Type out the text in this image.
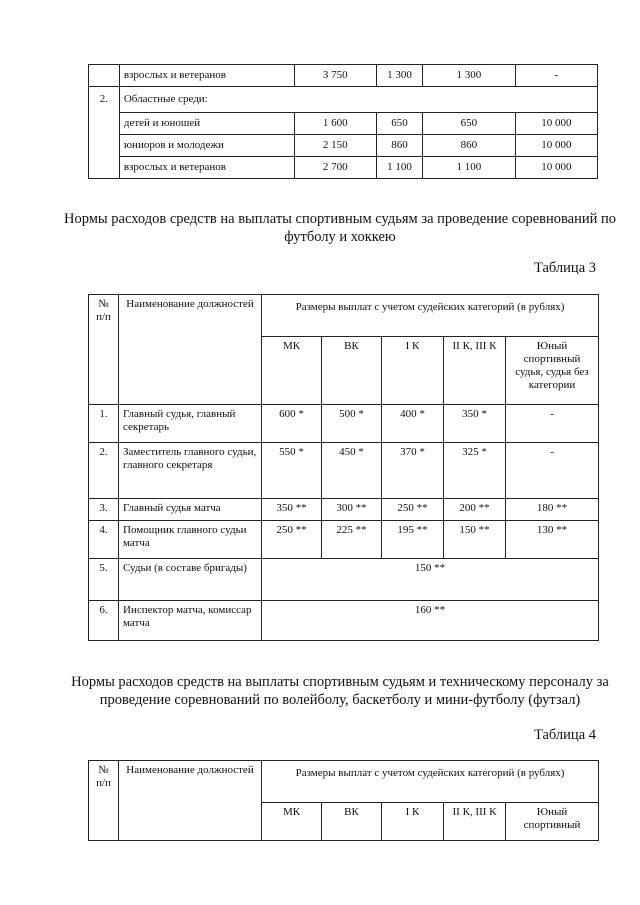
	взрослых и ветеранов	3 750	1 300	1 300	-
2.	Областные среди:				
	детей и юношей	1 600	650	650	10 000
	юниоров и молодежи	2 150	860	860	10 000
	взрослых и ветеранов	2 700	1 100	1 100	10 000

Нормы расходов средств на выплаты спортивным судьям за проведение соревнований по футболу и хоккею

Таблица 3
№ п/п	Наименование должностей	Размеры выплат с учетом судейских категорий (в рублях)				
		МК	ВК	I К	II К, III К	Юный спортивный судья, судья без категории
1.	Главный судья, главный секретарь	600 *	500 *	400 *	350 *	-
2.	Заместитель главного судьи, главного секретаря	550 *	450 *	370 *	325 *	-
3.	Главный судья матча	350 **	300 **	250 **	200 **	180 **
4.	Помощник главного судьи матча	250 **	225 **	195 **	150 **	130 **
5.	Судьи (в составе бригады)	150 **				
6.	Инспектор матча, комиссар матча	160 **				

Нормы расходов средств на выплаты спортивным судьям и техническому персоналу за проведение соревнований по волейболу, баскетболу и мини-футболу (футзал)

Таблица 4
№ п/п	Наименование должностей	Размеры выплат с учетом судейских категорий (в рублях)				
		МК	ВК	I К	II К, III К	Юный спортивный
